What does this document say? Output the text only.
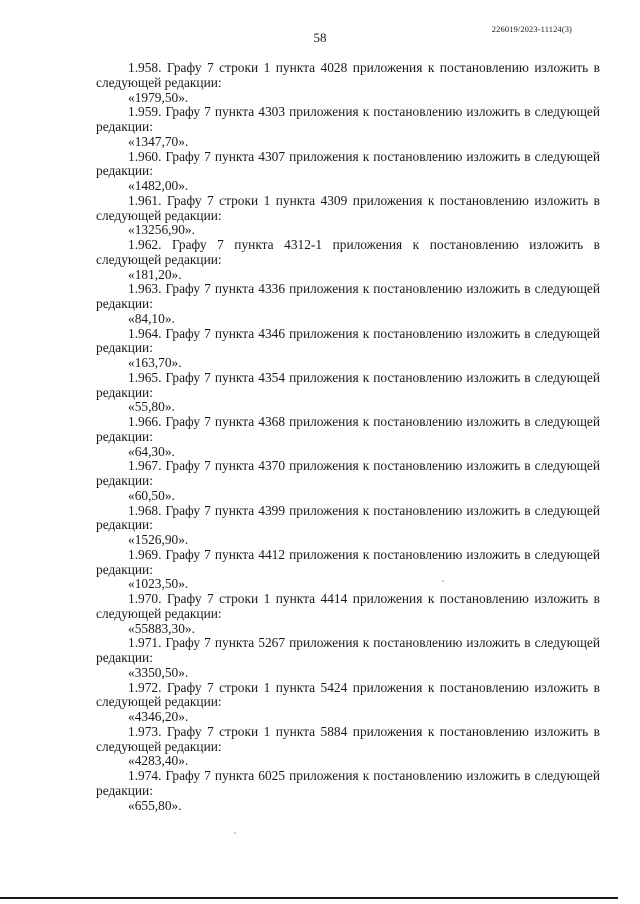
58
226019/2023-11124(3)

1.958. Графу 7 строки 1 пункта 4028 приложения к постановлению изложить в следующей редакции:

«1979,50».

1.959. Графу 7 пункта 4303 приложения к постановлению изложить в следующей редакции:

«1347,70».

1.960. Графу 7 пункта 4307 приложения к постановлению изложить в следующей редакции:

«1482,00».

1.961. Графу 7 строки 1 пункта 4309 приложения к постановлению изложить в следующей редакции:

«13256,90».

1.962. Графу 7 пункта 4312-1 приложения к постановлению изложить в следующей редакции:

«181,20».

1.963. Графу 7 пункта 4336 приложения к постановлению изложить в следующей редакции:

«84,10».

1.964. Графу 7 пункта 4346 приложения к постановлению изложить в следующей редакции:

«163,70».

1.965. Графу 7 пункта 4354 приложения к постановлению изложить в следующей редакции:

«55,80».

1.966. Графу 7 пункта 4368 приложения к постановлению изложить в следующей редакции:

«64,30».

1.967. Графу 7 пункта 4370 приложения к постановлению изложить в следующей редакции:

«60,50».

1.968. Графу 7 пункта 4399 приложения к постановлению изложить в следующей редакции:

«1526,90».

1.969. Графу 7 пункта 4412 приложения к постановлению изложить в следующей редакции:

«1023,50».

1.970. Графу 7 строки 1 пункта 4414 приложения к постановлению изложить в следующей редакции:

«55883,30».

1.971. Графу 7 пункта 5267 приложения к постановлению изложить в следующей редакции:

«3350,50».

1.972. Графу 7 строки 1 пункта 5424 приложения к постановлению изложить в следующей редакции:

«4346,20».

1.973. Графу 7 строки 1 пункта 5884 приложения к постановлению изложить в следующей редакции:

«4283,40».

1.974. Графу 7 пункта 6025 приложения к постановлению изложить в следующей редакции:

«655,80».
